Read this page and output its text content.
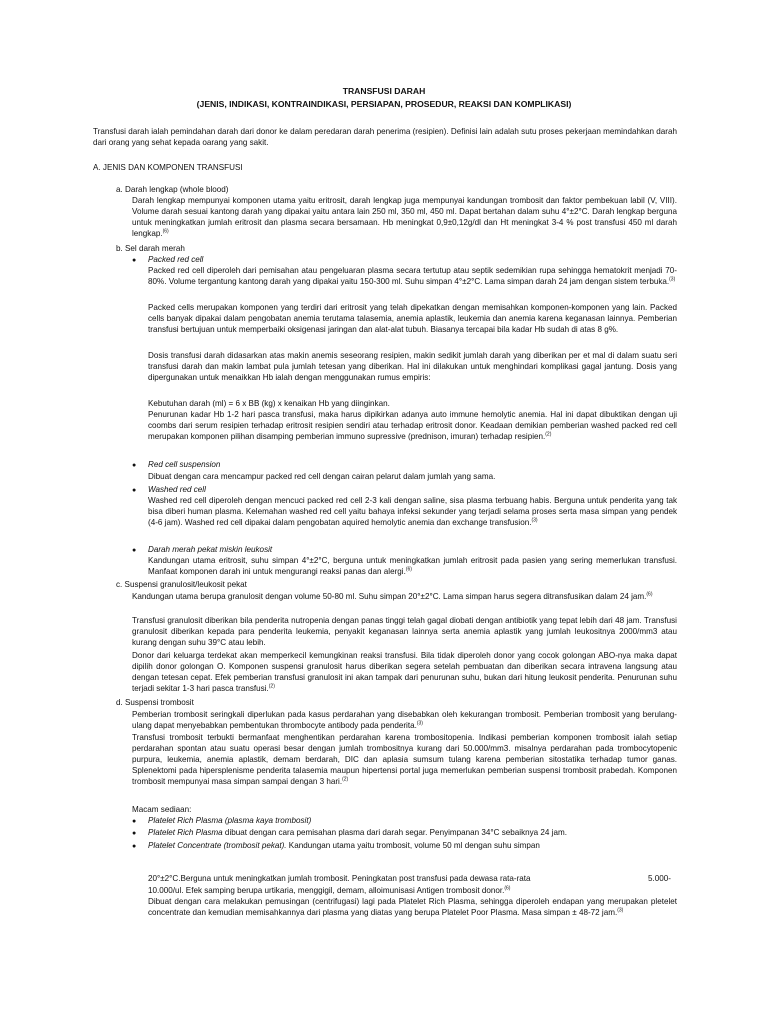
TRANSFUSI DARAH
(JENIS, INDIKASI, KONTRAINDIKASI, PERSIAPAN, PROSEDUR, REAKSI DAN KOMPLIKASI)
Transfusi darah ialah pemindahan darah dari donor ke dalam peredaran darah penerima (resipien). Definisi lain adalah sutu proses pekerjaan memindahkan darah dari orang yang sehat kepada oarang yang sakit.
A. JENIS DAN KOMPONEN TRANSFUSI
a. Darah lengkap (whole blood)
Darah lengkap mempunyai komponen utama yaitu eritrosit, darah lengkap juga mempunyai kandungan trombosit dan faktor pembekuan labil (V, VIII). Volume darah sesuai kantong darah yang dipakai yaitu antara lain 250 ml, 350 ml, 450 ml. Dapat bertahan dalam suhu 4°±2°C. Darah lengkap berguna untuk meningkatkan jumlah eritrosit dan plasma secara bersamaan. Hb meningkat 0,9±0,12g/dl dan Ht meningkat 3-4 % post transfusi 450 ml darah lengkap.$^{(6)}$
b. Sel darah merah
● Packed red cell
Packed red cell diperoleh dari pemisahan atau pengeluaran plasma secara tertutup atau septik sedemikian rupa sehingga hematokrit menjadi 70-80%. Volume tergantung kantong darah yang dipakai yaitu 150-300 ml. Suhu simpan 4°±2°C. Lama simpan darah 24 jam dengan sistem terbuka.$^{(3)}$
Packed cells merupakan komponen yang terdiri dari eritrosit yang telah dipekatkan dengan memisahkan komponen-komponen yang lain. Packed cells banyak dipakai dalam pengobatan anemia terutama talasemia, anemia aplastik, leukemia dan anemia karena keganasan lainnya. Pemberian transfusi bertujuan untuk memperbaiki oksigenasi jaringan dan alat-alat tubuh. Biasanya tercapai bila kadar Hb sudah di atas 8 g%.
Dosis transfusi darah didasarkan atas makin anemis seseorang resipien, makin sedikit jumlah darah yang diberikan per et mal di dalam suatu seri transfusi darah dan makin lambat pula jumlah tetesan yang diberikan. Hal ini dilakukan untuk menghindari komplikasi gagal jantung. Dosis yang dipergunakan untuk menaikkan Hb ialah dengan menggunakan rumus empiris:
Kebutuhan darah (ml) = 6 x BB (kg) x kenaikan Hb yang diinginkan.
Penurunan kadar Hb 1-2 hari pasca transfusi, maka harus dipikirkan adanya auto immune hemolytic anemia. Hal ini dapat dibuktikan dengan uji coombs dari serum resipien terhadap eritrosit resipien sendiri atau terhadap eritrosit donor. Keadaan demikian pemberian washed packed red cell merupakan komponen pilihan disamping pemberian immuno supressive (prednison, imuran) terhadap resipien.$^{(2)}$
● Red cell suspension
Dibuat dengan cara mencampur packed red cell dengan cairan pelarut dalam jumlah yang sama.
● Washed red cell
Washed red cell diperoleh dengan mencuci packed red cell 2-3 kali dengan saline, sisa plasma terbuang habis. Berguna untuk penderita yang tak bisa diberi human plasma. Kelemahan washed red cell yaitu bahaya infeksi sekunder yang terjadi selama proses serta masa simpan yang pendek (4-6 jam). Washed red cell dipakai dalam pengobatan aquired hemolytic anemia dan exchange transfusion.$^{(3)}$
● Darah merah pekat miskin leukosit
Kandungan utama eritrosit, suhu simpan 4°±2°C, berguna untuk meningkatkan jumlah eritrosit pada pasien yang sering memerlukan transfusi. Manfaat komponen darah ini untuk mengurangi reaksi panas dan alergi.$^{(6)}$
c. Suspensi granulosit/leukosit pekat
Kandungan utama berupa granulosit dengan volume 50-80 ml. Suhu simpan 20°±2°C. Lama simpan harus segera ditransfusikan dalam 24 jam.$^{(6)}$
Transfusi granulosit diberikan bila penderita nutropenia dengan panas tinggi telah gagal diobati dengan antibiotik yang tepat lebih dari 48 jam. Transfusi granulosit diberikan kepada para penderita leukemia, penyakit keganasan lainnya serta anemia aplastik yang jumlah leukositnya 2000/mm3 atau kurang dengan suhu 39°C atau lebih.
Donor dari keluarga terdekat akan memperkecil kemungkinan reaksi transfusi. Bila tidak diperoleh donor yang cocok golongan ABO-nya maka dapat dipilih donor golongan O. Komponen suspensi granulosit harus diberikan segera setelah pembuatan dan diberikan secara intravena langsung atau dengan tetesan cepat. Efek pemberian transfusi granulosit ini akan tampak dari penurunan suhu, bukan dari hitung leukosit penderita. Penurunan suhu terjadi sekitar 1-3 hari pasca transfusi.$^{(2)}$
d. Suspensi trombosit
Pemberian trombosit seringkali diperlukan pada kasus perdarahan yang disebabkan oleh kekurangan trombosit. Pemberian trombosit yang berulang-ulang dapat menyebabkan pembentukan thrombocyte antibody pada penderita.$^{(3)}$
Transfusi trombosit terbukti bermanfaat menghentikan perdarahan karena trombositopenia. Indikasi pemberian komponen trombosit ialah setiap perdarahan spontan atau suatu operasi besar dengan jumlah trombositnya kurang dari 50.000/mm3. misalnya perdarahan pada trombocytopenic purpura, leukemia, anemia aplastik, demam berdarah, DIC dan aplasia sumsum tulang karena pemberian sitostatika terhadap tumor ganas. Splenektomi pada hipersplenisme penderita talasemia maupun hipertensi portal juga memerlukan pemberian suspensi trombosit prabedah. Komponen trombosit mempunyai masa simpan sampai dengan 3 hari.$^{(2)}$
Macam sediaan:
● Platelet Rich Plasma (plasma kaya trombosit)
● Platelet Rich Plasma dibuat dengan cara pemisahan plasma dari darah segar. Penyimpanan 34°C sebaiknya 24 jam.
● Platelet Concentrate (trombosit pekat). Kandungan utama yaitu trombosit, volume 50 ml dengan suhu simpan
20°±2°C.Berguna untuk meningkatkan jumlah trombosit. Peningkatan post transfusi pada dewasa rata-rata	5.000-
10.000/ul. Efek samping berupa urtikaria, menggigil, demam, alloimunisasi Antigen trombosit donor.$^{(6)}$
Dibuat dengan cara melakukan pemusingan (centrifugasi) lagi pada Platelet Rich Plasma, sehingga diperoleh endapan yang merupakan pletelet concentrate dan kemudian memisahkannya dari plasma yang diatas yang berupa Platelet Poor Plasma. Masa simpan ± 48-72 jam.$^{(3)}$
